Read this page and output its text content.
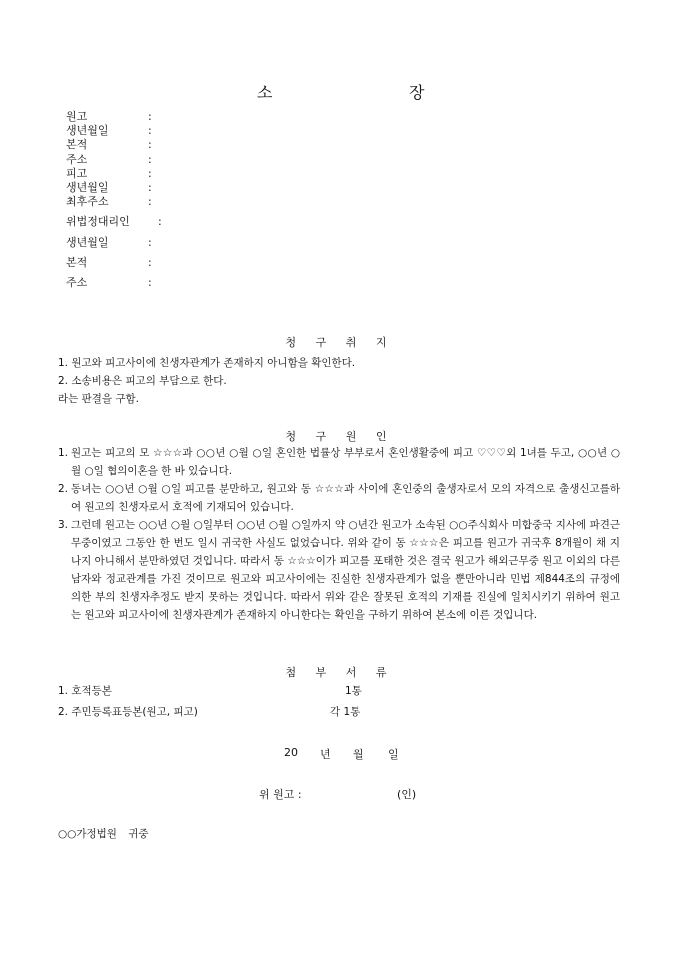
소	장
원고	:
생년월일	:
본적	:
주소	:
피고	:
생년월일	:
최후주소	:
위법정대리인	:
생년월일	:
본적	:
주소	:
청 구 취 지
1. 원고와 피고사이에 친생자관계가 존재하지 아니함을 확인한다.
2. 소송비용은 피고의 부담으로 한다.
라는 판결을 구함.
청 구 원 인
1. 원고는 피고의 모 ☆☆☆과 ○○년 ○월 ○일 혼인한 법률상 부부로서 혼인생활중에 피고 ♡♡♡외 1녀를 두고, ○○년 ○월 ○일 협의이혼을 한 바 있습니다.
2. 동녀는 ○○년 ○월 ○일 피고를 분만하고, 원고와 동 ☆☆☆과 사이에 혼인중의 출생자로서 모의 자격으로 출생신고를하여 원고의 친생자로서 호적에 기재되어 있습니다.
3. 그런데 원고는 ○○년 ○월 ○일부터 ○○년 ○월 ○일까지 약 ○년간 원고가 소속된 ○○주식회사 미합중국 지사에 파견근무중이였고 그동안 한 번도 일시 귀국한 사실도 없었습니다. 위와 같이 동 ☆☆☆은 피고를 원고가 귀국후 8개월이 채 지나지 아니해서 분만하였던 것입니다. 따라서 동 ☆☆☆이가 피고를 포태한 것은 결국 원고가 해외근무중 원고 이외의 다른 남자와 정교관계를 가진 것이므로 원고와 피고사이에는 진실한 친생자관계가 없을 뿐만아니라 민법 제844조의 규정에 의한 부의 친생자추정도 받지 못하는 것입니다. 따라서 위와 같은 잘못된 호적의 기재를 진실에 일치시키기 위하여 원고는 원고와 피고사이에 친생자관계가 존재하지 아니한다는 확인을 구하기 위하여 본소에 이른 것입니다.
첨 부 서 류
1. 호적등본	1통
2. 주민등록표등본(원고, 피고)	각 1통
20 년 월 일
위 원고 :	(인)
○○가정법원 귀중
